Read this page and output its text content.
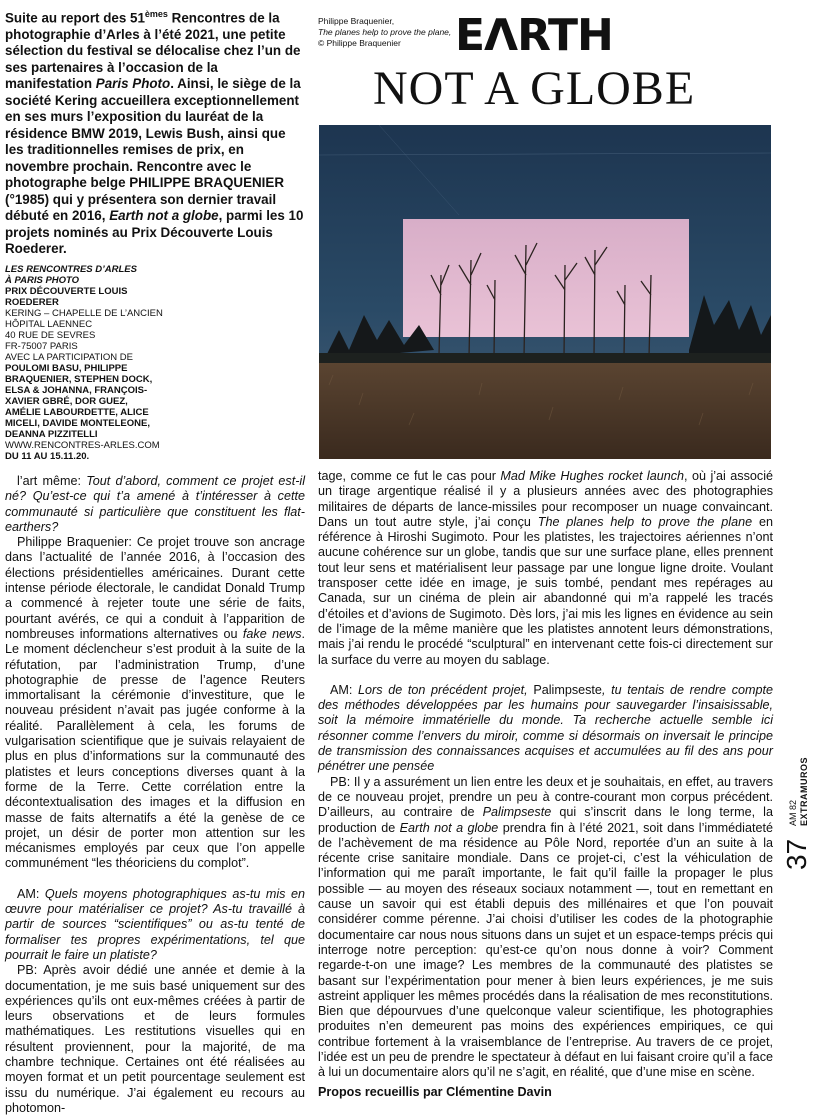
Suite au report des 51èmes Rencontres de la photographie d’Arles à l’été 2021, une petite sélection du festival se délocalise chez l’un de ses partenaires à l’occasion de la manifestation Paris Photo. Ainsi, le siège de la société Kering accueillera exceptionnellement en ses murs l’exposition du lauréat de la résidence BMW 2019, Lewis Bush, ainsi que les traditionnelles remises de prix, en novembre prochain. Rencontre avec le photographe belge PHILIPPE BRAQUENIER (°1985) qui y présentera son dernier travail débuté en 2016, Earth not a globe, parmi les 10 projets nominés au Prix Découverte Louis Roederer.
LES RENCONTRES D’ARLES
À PARIS PHOTO
PRIX DÉCOUVERTE LOUIS
ROEDERER
KERING – CHAPELLE DE L’ANCIEN
HÔPITAL LAENNEC
40 RUE DE SEVRES
FR-75007 PARIS
AVEC LA PARTICIPATION DE POULOMI BASU, PHILIPPE BRAQUENIER, STEPHEN DOCK, ELSA & JOHANNA, FRANÇOIS-XAVIER GBRÉ, DOR GUEZ, AMÉLIE LABOURDETTE, ALICE MICELI, DAVIDE MONTELEONE, DEANNA PIZZITELLI
WWW.RENCONTRES-ARLES.COM
DU 11 AU 15.11.20.
Philippe Braquenier,
The planes help to prove the plane,
© Philippe Braquenier	EΛRTH
NOT A GLOBE

l’art même: Tout d’abord, comment ce projet est-il né? Qu’est-ce qui t’a amené à t’intéresser à cette communauté si particulière que constituent les flat-earthers?

Philippe Braquenier: Ce projet trouve son ancrage dans l’actualité de l’année 2016, à l’occasion des élections présidentielles américaines. Durant cette intense période électorale, le candidat Donald Trump a commencé à rejeter toute une série de faits, pourtant avérés, ce qui a conduit à l’apparition de nombreuses informations alternatives ou fake news. Le moment déclencheur s’est produit à la suite de la réfutation, par l’administration Trump, d’une photographie de presse de l’agence Reuters immortalisant la cérémonie d’investiture, que le nouveau président n’avait pas jugée conforme à la réalité. Parallèlement à cela, les forums de vulgarisation scientifique que je suivais relayaient de plus en plus d’informations sur la communauté des platistes et leurs conceptions diverses quant à la forme de la Terre. Cette corrélation entre la décontextualisation des images et la diffusion en masse de faits alternatifs a été la genèse de ce projet, un désir de porter mon attention sur les mécanismes employés par ceux que l’on appelle communément “les théoriciens du complot”.

AM: Quels moyens photographiques as-tu mis en œuvre pour matérialiser ce projet? As-tu travaillé à partir de sources “scientifiques” ou as-tu tenté de formaliser tes propres expérimentations, tel que pourrait le faire un platiste?

PB: Après avoir dédié une année et demie à la documentation, je me suis basé uniquement sur des expériences qu’ils ont eux-mêmes créées à partir de leurs observations et de leurs formules mathématiques. Les restitutions visuelles qui en résultent proviennent, pour la majorité, de ma chambre technique. Certaines ont été réalisées au moyen format et un petit pourcentage seulement est issu du numérique. J’ai également eu recours au photomon-

tage, comme ce fut le cas pour Mad Mike Hughes rocket launch, où j’ai associé un tirage argentique réalisé il y a plusieurs années avec des photographies militaires de départs de lance-missiles pour recomposer un nuage convaincant. Dans un tout autre style, j’ai conçu The planes help to prove the plane en référence à Hiroshi Sugimoto. Pour les platistes, les trajectoires aériennes n’ont aucune cohérence sur un globe, tandis que sur une surface plane, elles prennent tout leur sens et matérialisent leur passage par une longue ligne droite. Voulant transposer cette idée en image, je suis tombé, pendant mes repérages au Canada, sur un cinéma de plein air abandonné qui m’a rappelé les tracés d’étoiles et d’avions de Sugimoto. Dès lors, j’ai mis les lignes en évidence au sein de l’image de la même manière que les platistes annotent leurs démonstrations, mais j’ai rendu le procédé “sculptural” en intervenant cette fois-ci directement sur la surface du verre au moyen du sablage.

AM: Lors de ton précédent projet, Palimpseste, tu tentais de rendre compte des méthodes développées par les humains pour sauvegarder l’insaisissable, soit la mémoire immatérielle du monde. Ta recherche actuelle semble ici résonner comme l’envers du miroir, comme si désormais on inversait le principe de transmission des connaissances acquises et accumulées au fil des ans pour pénétrer une pensée

PB: Il y a assurément un lien entre les deux et je souhaitais, en effet, au travers de ce nouveau projet, prendre un peu à contre-courant mon corpus précédent. D’ailleurs, au contraire de Palimpseste qui s’inscrit dans le long terme, la production de Earth not a globe prendra fin à l’été 2021, soit dans l’immédiateté de l’achèvement de ma résidence au Pôle Nord, reportée d’un an suite à la récente crise sanitaire mondiale. Dans ce projet-ci, c’est la véhiculation de l’information qui me paraît importante, le fait qu’il faille la propager le plus possible — au moyen des réseaux sociaux notamment —, tout en remettant en cause un savoir qui est établi depuis des millénaires et que l’on pouvait considérer comme pérenne. J’ai choisi d’utiliser les codes de la photographie documentaire car nous nous situons dans un sujet et un espace-temps précis qui interroge notre perception: qu’est-ce qu’on nous donne à voir? Comment regarde-t-on une image? Les membres de la communauté des platistes se basant sur l’expérimentation pour mener à bien leurs expériences, je me suis astreint appliquer les mêmes procédés dans la réalisation de mes reconstitutions. Bien que dépourvues d’une quelconque valeur scientifique, les photographies produites n’en demeurent pas moins des expériences empiriques, ce qui contribue fortement à la vraisemblance de l’entreprise. Au travers de ce projet, l’idée est un peu de prendre le spectateur à défaut en lui faisant croire qu’il a face à lui un documentaire alors qu’il ne s’agit, en réalité, que d’une mise en scène.

Propos recueillis par Clémentine Davin

37
AM 82 EXTRAMUROS
